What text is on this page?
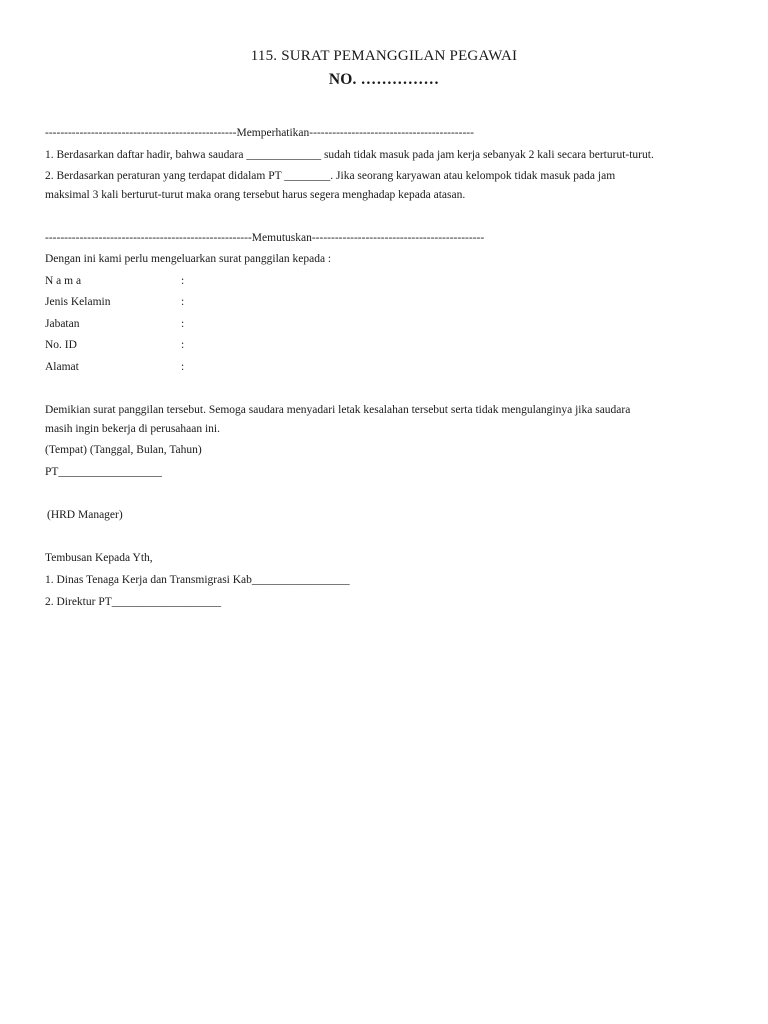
115. SURAT PEMANGGILAN PEGAWAI
NO. ……………
--------------------------------------------------Memperhatikan-------------------------------------------
1. Berdasarkan daftar hadir, bahwa saudara _____________ sudah tidak masuk pada jam kerja sebanyak 2 kali secara berturut-turut.
2. Berdasarkan peraturan yang terdapat didalam PT ________. Jika seorang karyawan atau kelompok tidak masuk pada jam
maksimal 3 kali berturut-turut maka orang tersebut harus segera menghadap kepada atasan.
------------------------------------------------------Memutuskan---------------------------------------------
Dengan ini kami perlu mengeluarkan surat panggilan kepada :
N a m a	:
Jenis Kelamin	:
Jabatan	:
No. ID	:
Alamat	:
Demikian surat panggilan tersebut. Semoga saudara menyadari letak kesalahan tersebut serta tidak mengulanginya jika saudara
masih ingin bekerja di perusahaan ini.
(Tempat) (Tanggal, Bulan, Tahun)
PT__________________
(HRD Manager)
Tembusan Kepada Yth,
1. Dinas Tenaga Kerja dan Transmigrasi Kab_________________
2. Direktur PT___________________
